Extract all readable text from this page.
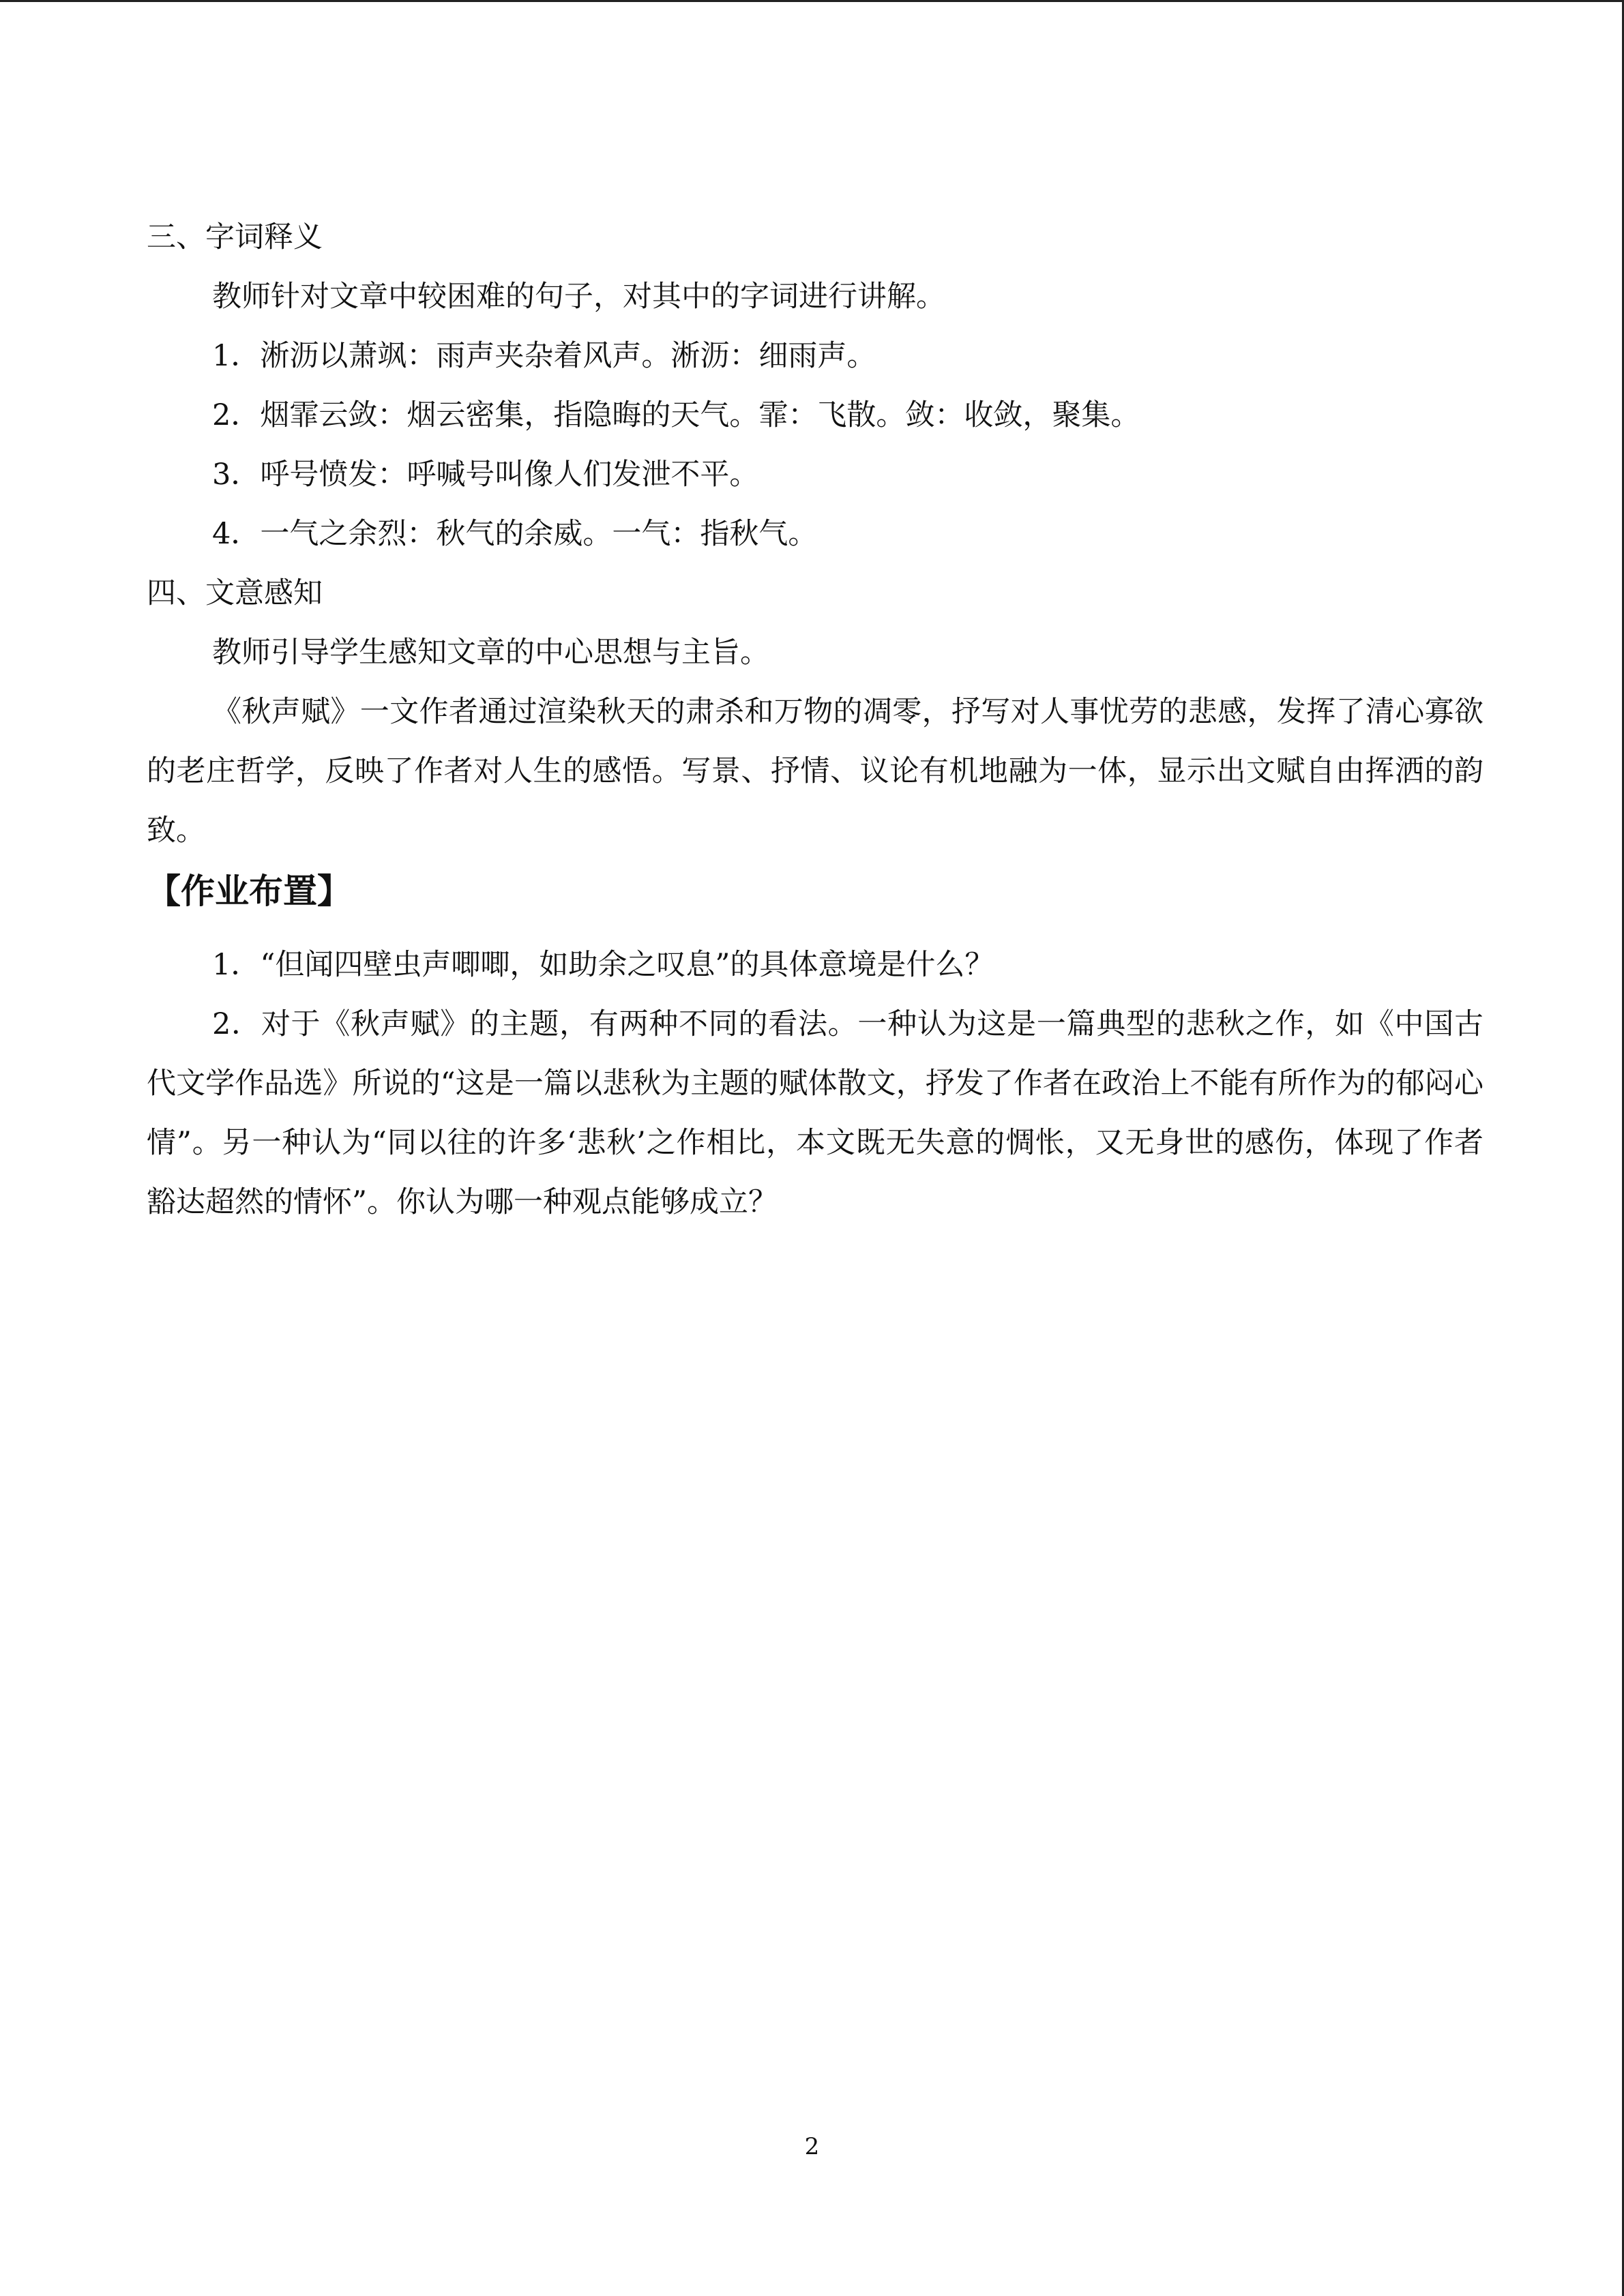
三、字词释义

教师针对文章中较困难的句子，对其中的字词进行讲解。

1．淅沥以萧飒：雨声夹杂着风声。淅沥：细雨声。

2．烟霏云敛：烟云密集，指隐晦的天气。霏：飞散。敛：收敛，聚集。

3．呼号愤发：呼喊号叫像人们发泄不平。

4．一气之余烈：秋气的余威。一气：指秋气。

四、文意感知

教师引导学生感知文章的中心思想与主旨。

《秋声赋》一文作者通过渲染秋天的肃杀和万物的凋零，抒写对人事忧劳的悲感，发挥了清心寡欲的老庄哲学，反映了作者对人生的感悟。写景、抒情、议论有机地融为一体，显示出文赋自由挥洒的韵致。

【作业布置】

1．“但闻四壁虫声唧唧，如助余之叹息”的具体意境是什么？

2．对于《秋声赋》的主题，有两种不同的看法。一种认为这是一篇典型的悲秋之作，如《中国古代文学作品选》所说的“这是一篇以悲秋为主题的赋体散文，抒发了作者在政治上不能有所作为的郁闷心情”。另一种认为“同以往的许多‘悲秋’之作相比，本文既无失意的惆怅，又无身世的感伤，体现了作者豁达超然的情怀”。你认为哪一种观点能够成立？

2
